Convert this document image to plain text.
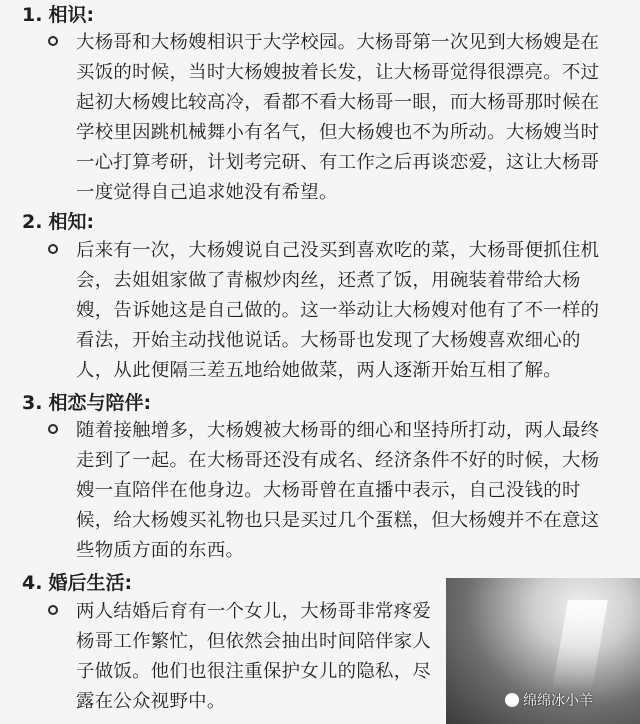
1. 相识:
大杨哥和大杨嫂相识于大学校园。大杨哥第一次见到大杨嫂是在
买饭的时候，当时大杨嫂披着长发，让大杨哥觉得很漂亮。不过
起初大杨嫂比较高冷，看都不看大杨哥一眼，而大杨哥那时候在
学校里因跳机械舞小有名气，但大杨嫂也不为所动。大杨嫂当时
一心打算考研，计划考完研、有工作之后再谈恋爱，这让大杨哥
一度觉得自己追求她没有希望。
2. 相知:
后来有一次，大杨嫂说自己没买到喜欢吃的菜，大杨哥便抓住机
会，去姐姐家做了青椒炒肉丝，还煮了饭，用碗装着带给大杨
嫂，告诉她这是自己做的。这一举动让大杨嫂对他有了不一样的
看法，开始主动找他说话。大杨哥也发现了大杨嫂喜欢细心的
人，从此便隔三差五地给她做菜，两人逐渐开始互相了解。
3. 相恋与陪伴:
随着接触增多，大杨嫂被大杨哥的细心和坚持所打动，两人最终
走到了一起。在大杨哥还没有成名、经济条件不好的时候，大杨
嫂一直陪伴在他身边。大杨哥曾在直播中表示，自己没钱的时
候，给大杨嫂买礼物也只是买过几个蛋糕，但大杨嫂并不在意这
些物质方面的东西。
4. 婚后生活:
两人结婚后育有一个女儿，大杨哥非常疼爱
杨哥工作繁忙，但依然会抽出时间陪伴家人
子做饭。他们也很注重保护女儿的隐私，尽
露在公众视野中。	绵绵冰小羊
